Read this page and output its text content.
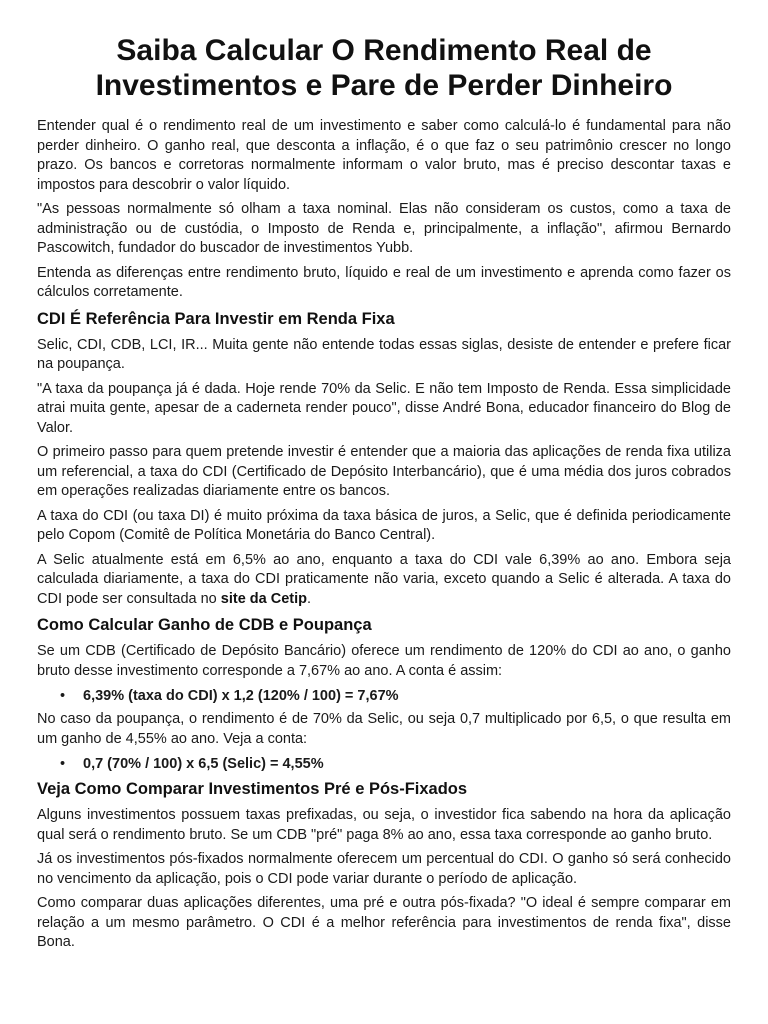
Saiba Calcular O Rendimento Real de Investimentos e Pare de Perder Dinheiro

Entender qual é o rendimento real de um investimento e saber como calculá-lo é fundamental para não perder dinheiro. O ganho real, que desconta a inflação, é o que faz o seu patrimônio crescer no longo prazo. Os bancos e corretoras normalmente informam o valor bruto, mas é preciso descontar taxas e impostos para descobrir o valor líquido.

"As pessoas normalmente só olham a taxa nominal. Elas não consideram os custos, como a taxa de administração ou de custódia, o Imposto de Renda e, principalmente, a inflação", afirmou Bernardo Pascowitch, fundador do buscador de investimentos Yubb.

Entenda as diferenças entre rendimento bruto, líquido e real de um investimento e aprenda como fazer os cálculos corretamente.

CDI É Referência Para Investir em Renda Fixa

Selic, CDI, CDB, LCI, IR... Muita gente não entende todas essas siglas, desiste de entender e prefere ficar na poupança.

"A taxa da poupança já é dada. Hoje rende 70% da Selic. E não tem Imposto de Renda. Essa simplicidade atrai muita gente, apesar de a caderneta render pouco", disse André Bona, educador financeiro do Blog de Valor.

O primeiro passo para quem pretende investir é entender que a maioria das aplicações de renda fixa utiliza um referencial, a taxa do CDI (Certificado de Depósito Interbancário), que é uma média dos juros cobrados em operações realizadas diariamente entre os bancos.

A taxa do CDI (ou taxa DI) é muito próxima da taxa básica de juros, a Selic, que é definida periodicamente pelo Copom (Comitê de Política Monetária do Banco Central).

A Selic atualmente está em 6,5% ao ano, enquanto a taxa do CDI vale 6,39% ao ano. Embora seja calculada diariamente, a taxa do CDI praticamente não varia, exceto quando a Selic é alterada. A taxa do CDI pode ser consultada no site da Cetip.

Como Calcular Ganho de CDB e Poupança

Se um CDB (Certificado de Depósito Bancário) oferece um rendimento de 120% do CDI ao ano, o ganho bruto desse investimento corresponde a 7,67% ao ano. A conta é assim:

• 6,39% (taxa do CDI) x 1,2 (120% / 100) = 7,67%

No caso da poupança, o rendimento é de 70% da Selic, ou seja 0,7 multiplicado por 6,5, o que resulta em um ganho de 4,55% ao ano. Veja a conta:

• 0,7 (70% / 100) x 6,5 (Selic) = 4,55%
Veja Como Comparar Investimentos Pré e Pós-Fixados

Alguns investimentos possuem taxas prefixadas, ou seja, o investidor fica sabendo na hora da aplicação qual será o rendimento bruto. Se um CDB "pré" paga 8% ao ano, essa taxa corresponde ao ganho bruto.

Já os investimentos pós-fixados normalmente oferecem um percentual do CDI. O ganho só será conhecido no vencimento da aplicação, pois o CDI pode variar durante o período de aplicação.

Como comparar duas aplicações diferentes, uma pré e outra pós-fixada? "O ideal é sempre comparar em relação a um mesmo parâmetro. O CDI é a melhor referência para investimentos de renda fixa", disse Bona.
